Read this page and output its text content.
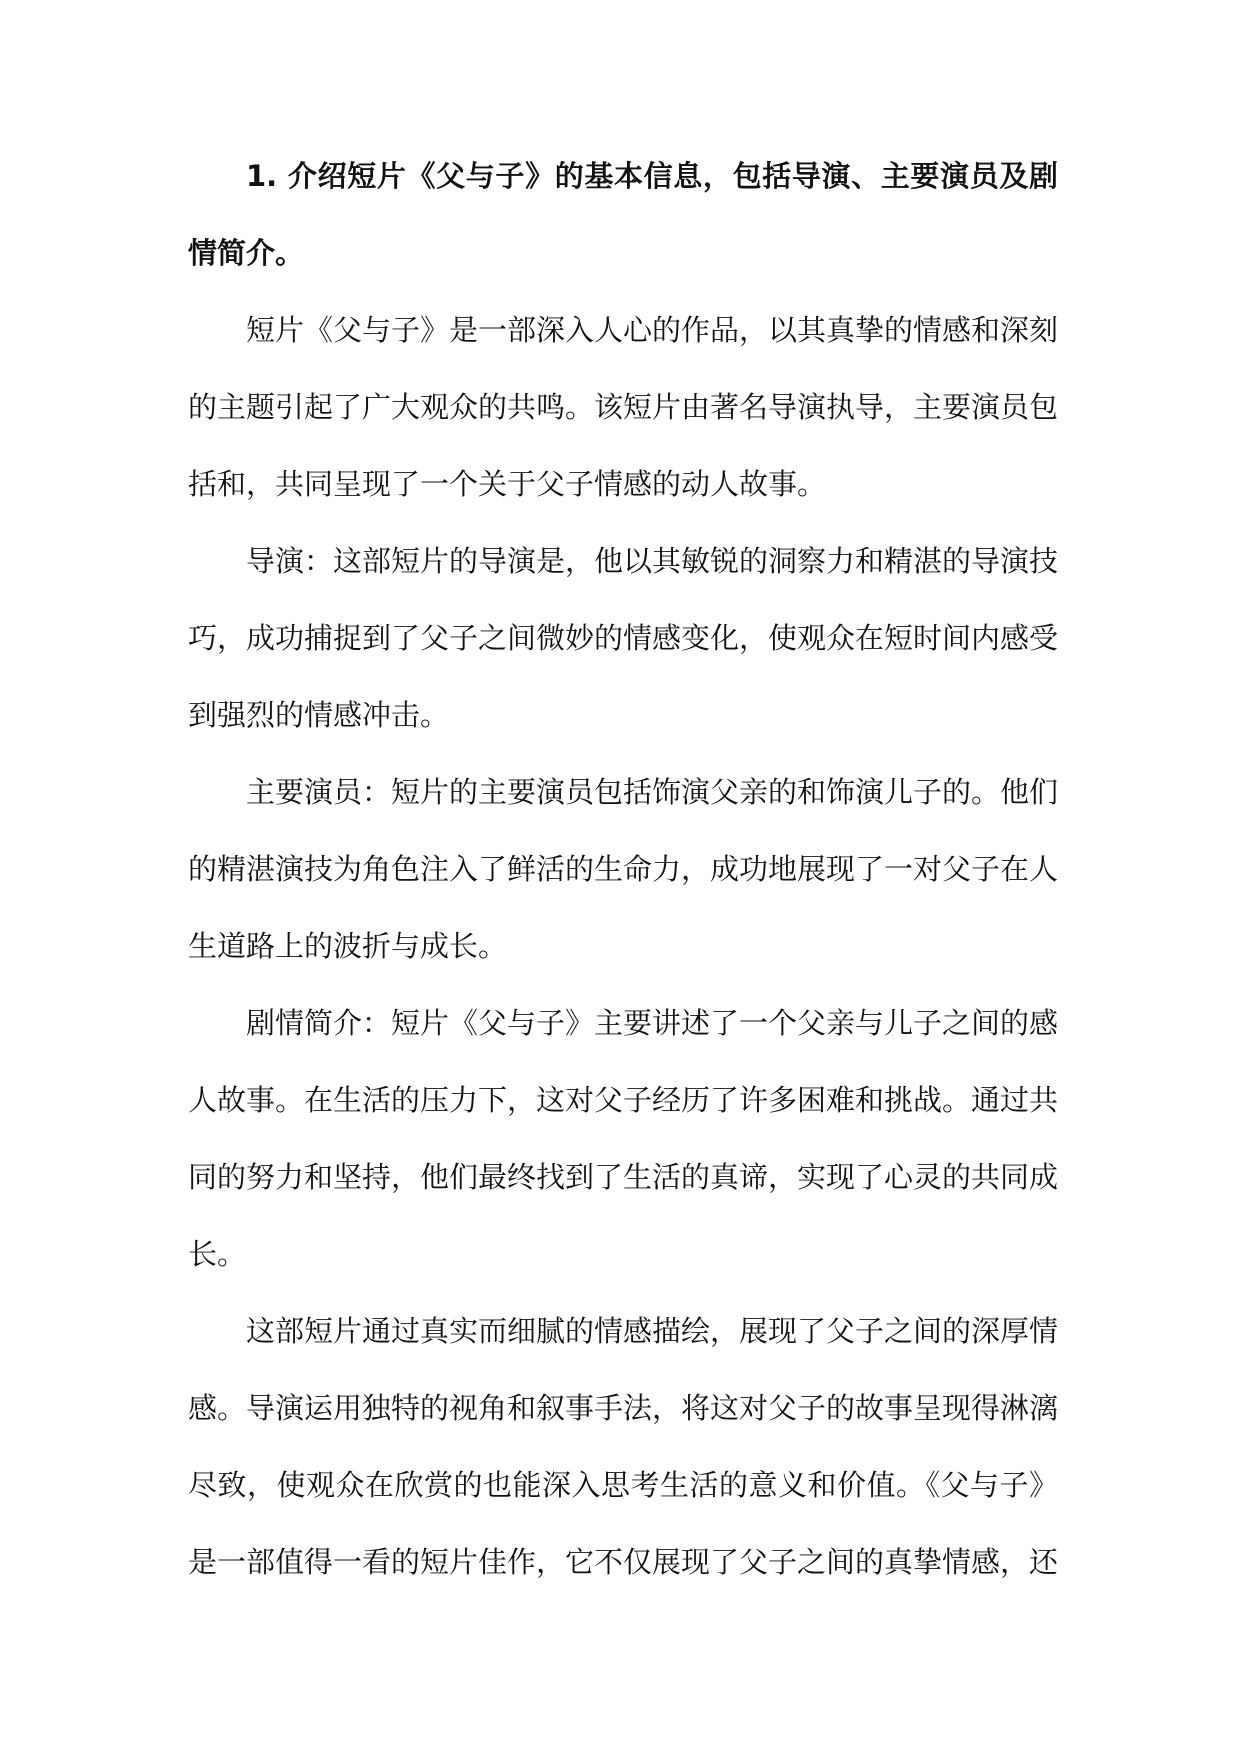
1. 介绍短片《父与子》的基本信息，包括导演、主要演员及剧情简介。

短片《父与子》是一部深入人心的作品，以其真挚的情感和深刻的主题引起了广大观众的共鸣。该短片由著名导演执导，主要演员包括和，共同呈现了一个关于父子情感的动人故事。

导演：这部短片的导演是，他以其敏锐的洞察力和精湛的导演技巧，成功捕捉到了父子之间微妙的情感变化，使观众在短时间内感受到强烈的情感冲击。

主要演员：短片的主要演员包括饰演父亲的和饰演儿子的。他们的精湛演技为角色注入了鲜活的生命力，成功地展现了一对父子在人生道路上的波折与成长。

剧情简介：短片《父与子》主要讲述了一个父亲与儿子之间的感人故事。在生活的压力下，这对父子经历了许多困难和挑战。通过共同的努力和坚持，他们最终找到了生活的真谛，实现了心灵的共同成长。

这部短片通过真实而细腻的情感描绘，展现了父子之间的深厚情感。导演运用独特的视角和叙事手法，将这对父子的故事呈现得淋漓尽致，使观众在欣赏的也能深入思考生活的意义和价值。《父与子》是一部值得一看的短片佳作，它不仅展现了父子之间的真挚情感，还
